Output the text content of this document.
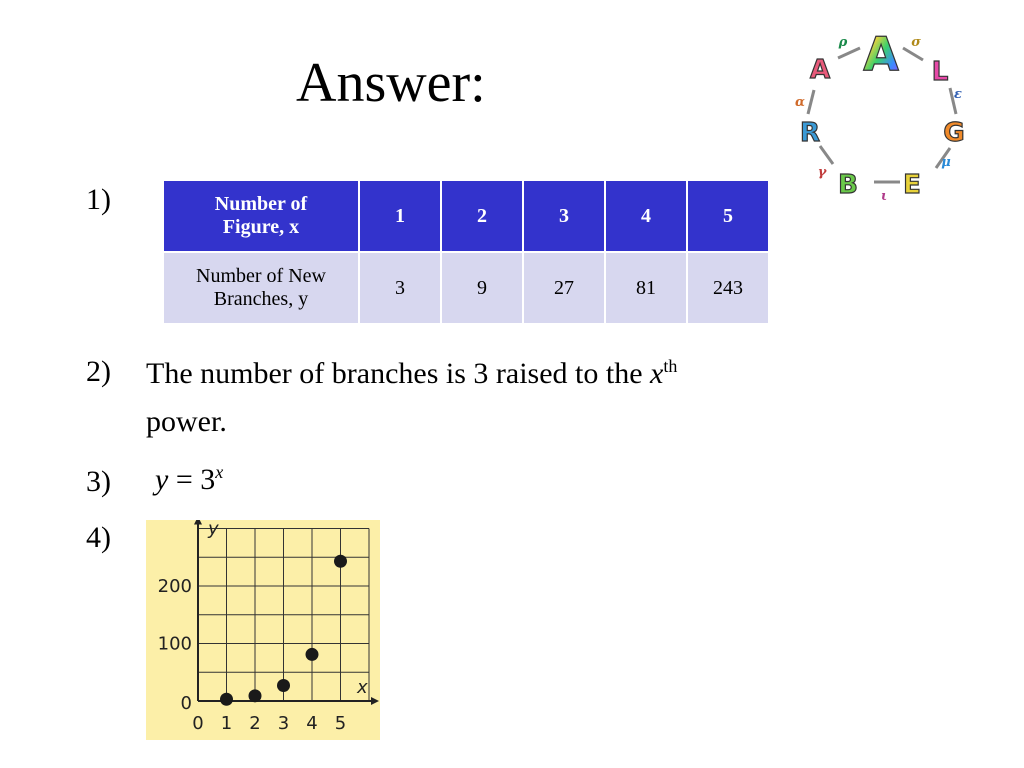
Answer:
1)	Number of
Figure, x	1	2	3	4	5
Number of New
Branches, y	3	9	27	81	243
2) The number of branches is 3 raised to the $x^{th}$
power.
3) $y = 3^x$
4)
A L
G
E
B
R
A
ρ	σ
ε
μ
ι
γ
α
x
y
0 1 2 3 4 5
0
100
200
